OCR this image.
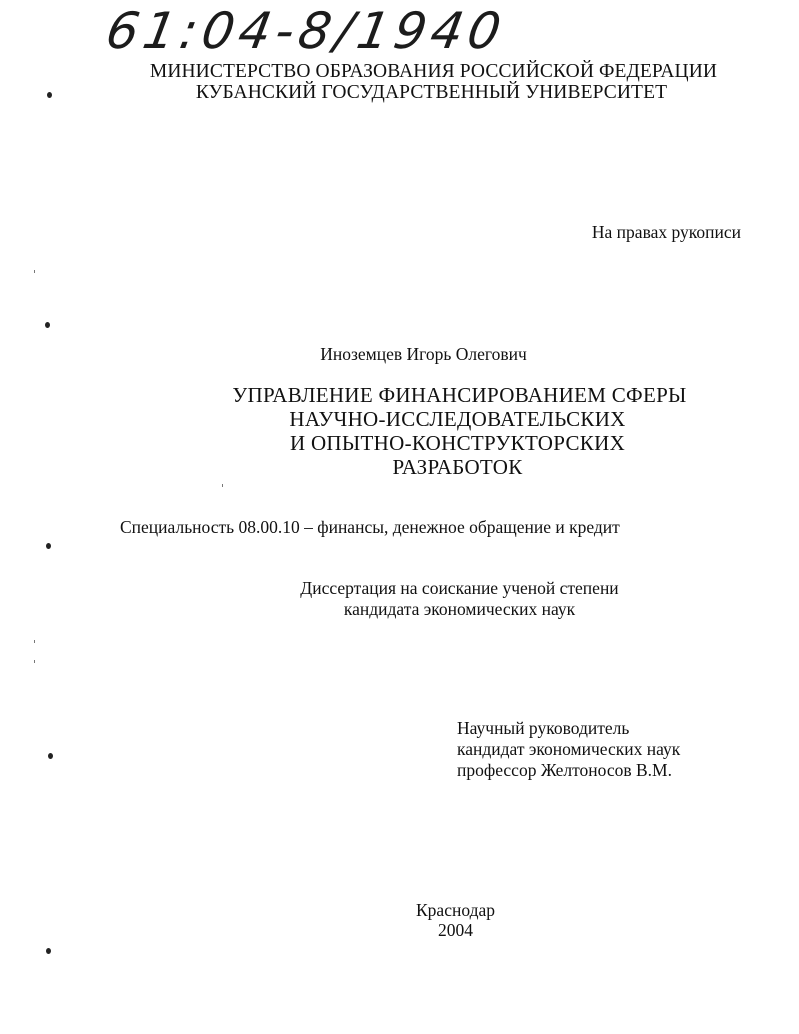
61:04-8/1940
МИНИСТЕРСТВО ОБРАЗОВАНИЯ РОССИЙСКОЙ ФЕДЕРАЦИИ
КУБАНСКИЙ ГОСУДАРСТВЕННЫЙ УНИВЕРСИТЕТ
На правах рукописи
Иноземцев Игорь Олегович
УПРАВЛЕНИЕ ФИНАНСИРОВАНИЕМ СФЕРЫ
НАУЧНО-ИССЛЕДОВАТЕЛЬСКИХ
И ОПЫТНО-КОНСТРУКТОРСКИХ
РАЗРАБОТОК
Специальность 08.00.10 – финансы, денежное обращение и кредит
Диссертация на соискание ученой степени
кандидата экономических наук
Научный руководитель
кандидат экономических наук
профессор Желтоносов В.М.
Краснодар
2004
